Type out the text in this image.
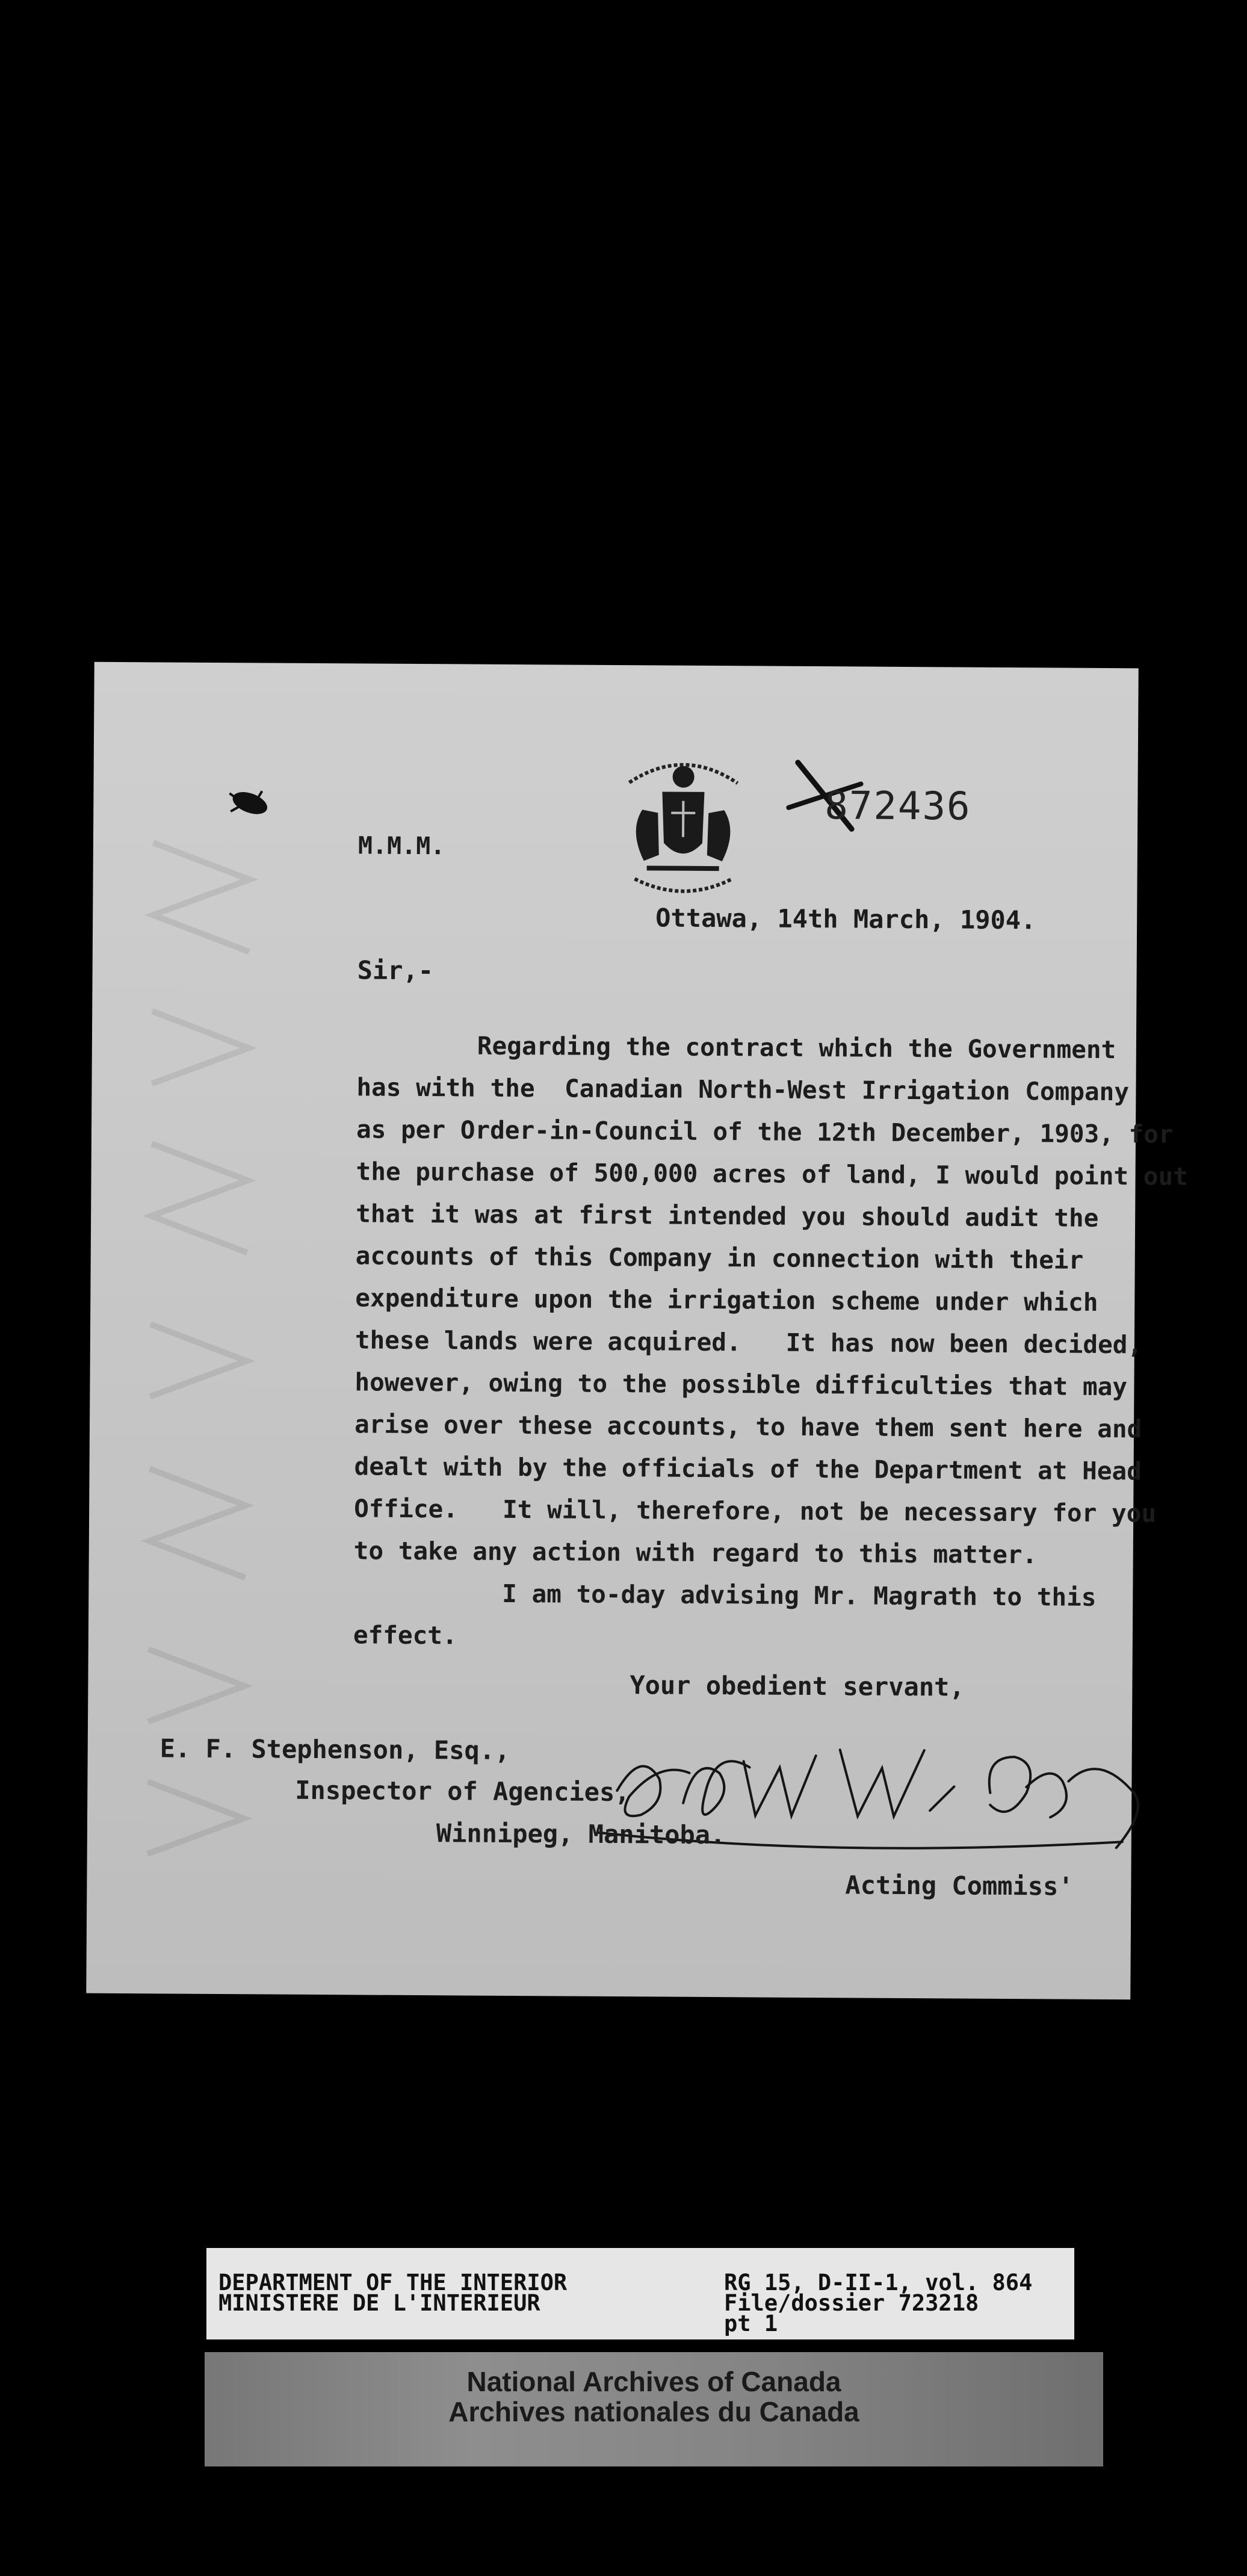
872436
M.M.M.
Ottawa, 14th March, 1904.
Sir,-
Regarding the contract which the Government
has with the  Canadian North-West Irrigation Company
as per Order-in-Council of the 12th December, 1903, for
the purchase of 500,000 acres of land, I would point out
that it was at first intended you should audit the
accounts of this Company in connection with their
expenditure upon the irrigation scheme under which
these lands were acquired.   It has now been decided,
however, owing to the possible difficulties that may
arise over these accounts, to have them sent here and
dealt with by the officials of the Department at Head
Office.   It will, therefore, not be necessary for you
to take any action with regard to this matter.
I am to-day advising Mr. Magrath to this
effect.
Your obedient servant,
E. F. Stephenson, Esq.,
Inspector of Agencies,
Winnipeg, Manitoba.
Acting Commiss'
DEPARTMENT OF THE INTERIOR
MINISTERE DE L'INTERIEUR
RG 15, D-II-1, vol. 864
File/dossier 723218
pt 1
National Archives of Canada
Archives nationales du Canada
